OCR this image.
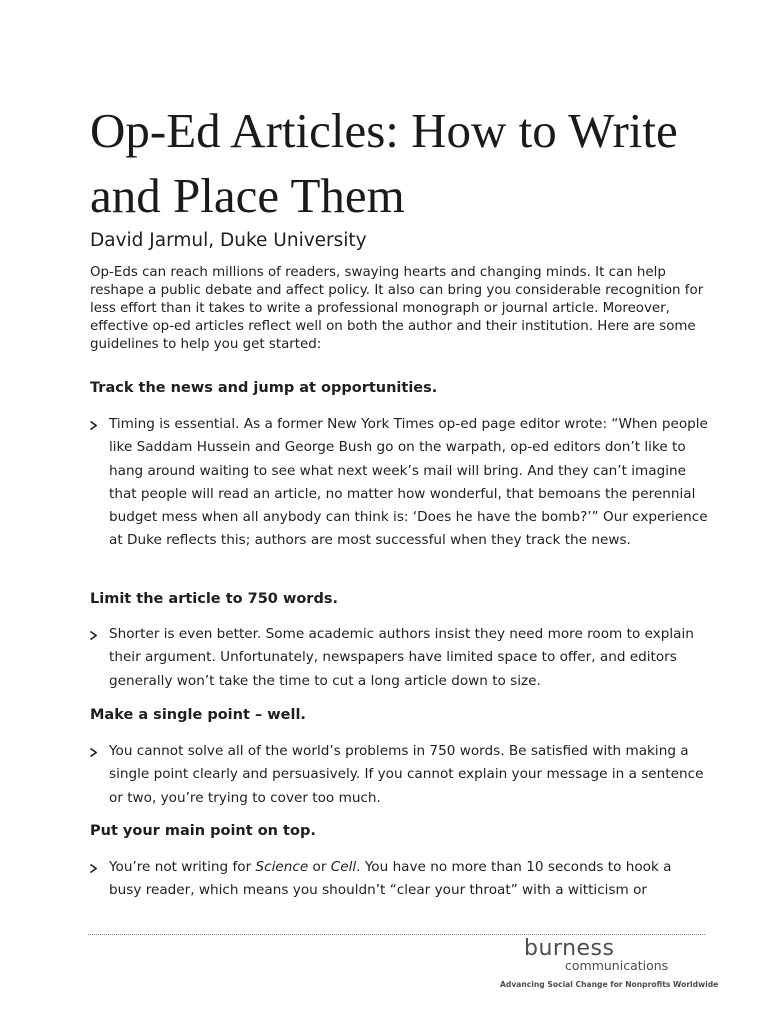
Op-Ed Articles: How to Write and Place Them

David Jarmul, Duke University

Op-Eds can reach millions of readers, swaying hearts and changing minds. It can help reshape a public debate and affect policy. It also can bring you considerable recognition for less effort than it takes to write a professional monograph or journal article. Moreover, effective op-ed articles reflect well on both the author and their institution. Here are some guidelines to help you get started:

Track the news and jump at opportunities.
Timing is essential. As a former New York Times op-ed page editor wrote: “When people like Saddam Hussein and George Bush go on the warpath, op-ed editors don’t like to hang around waiting to see what next week’s mail will bring. And they can’t imagine that people will read an article, no matter how wonderful, that bemoans the perennial budget mess when all anybody can think is: ‘Does he have the bomb?’” Our experience at Duke reflects this; authors are most successful when they track the news.
Limit the article to 750 words.
Shorter is even better. Some academic authors insist they need more room to explain their argument. Unfortunately, newspapers have limited space to offer, and editors generally won’t take the time to cut a long article down to size.
Make a single point – well.
You cannot solve all of the world’s problems in 750 words. Be satisfied with making a single point clearly and persuasively. If you cannot explain your message in a sentence or two, you’re trying to cover too much.
Put your main point on top.
You’re not writing for Science or Cell. You have no more than 10 seconds to hook a busy reader, which means you shouldn’t “clear your throat” with a witticism or
burness
communications
Advancing Social Change for Nonprofits Worldwide
